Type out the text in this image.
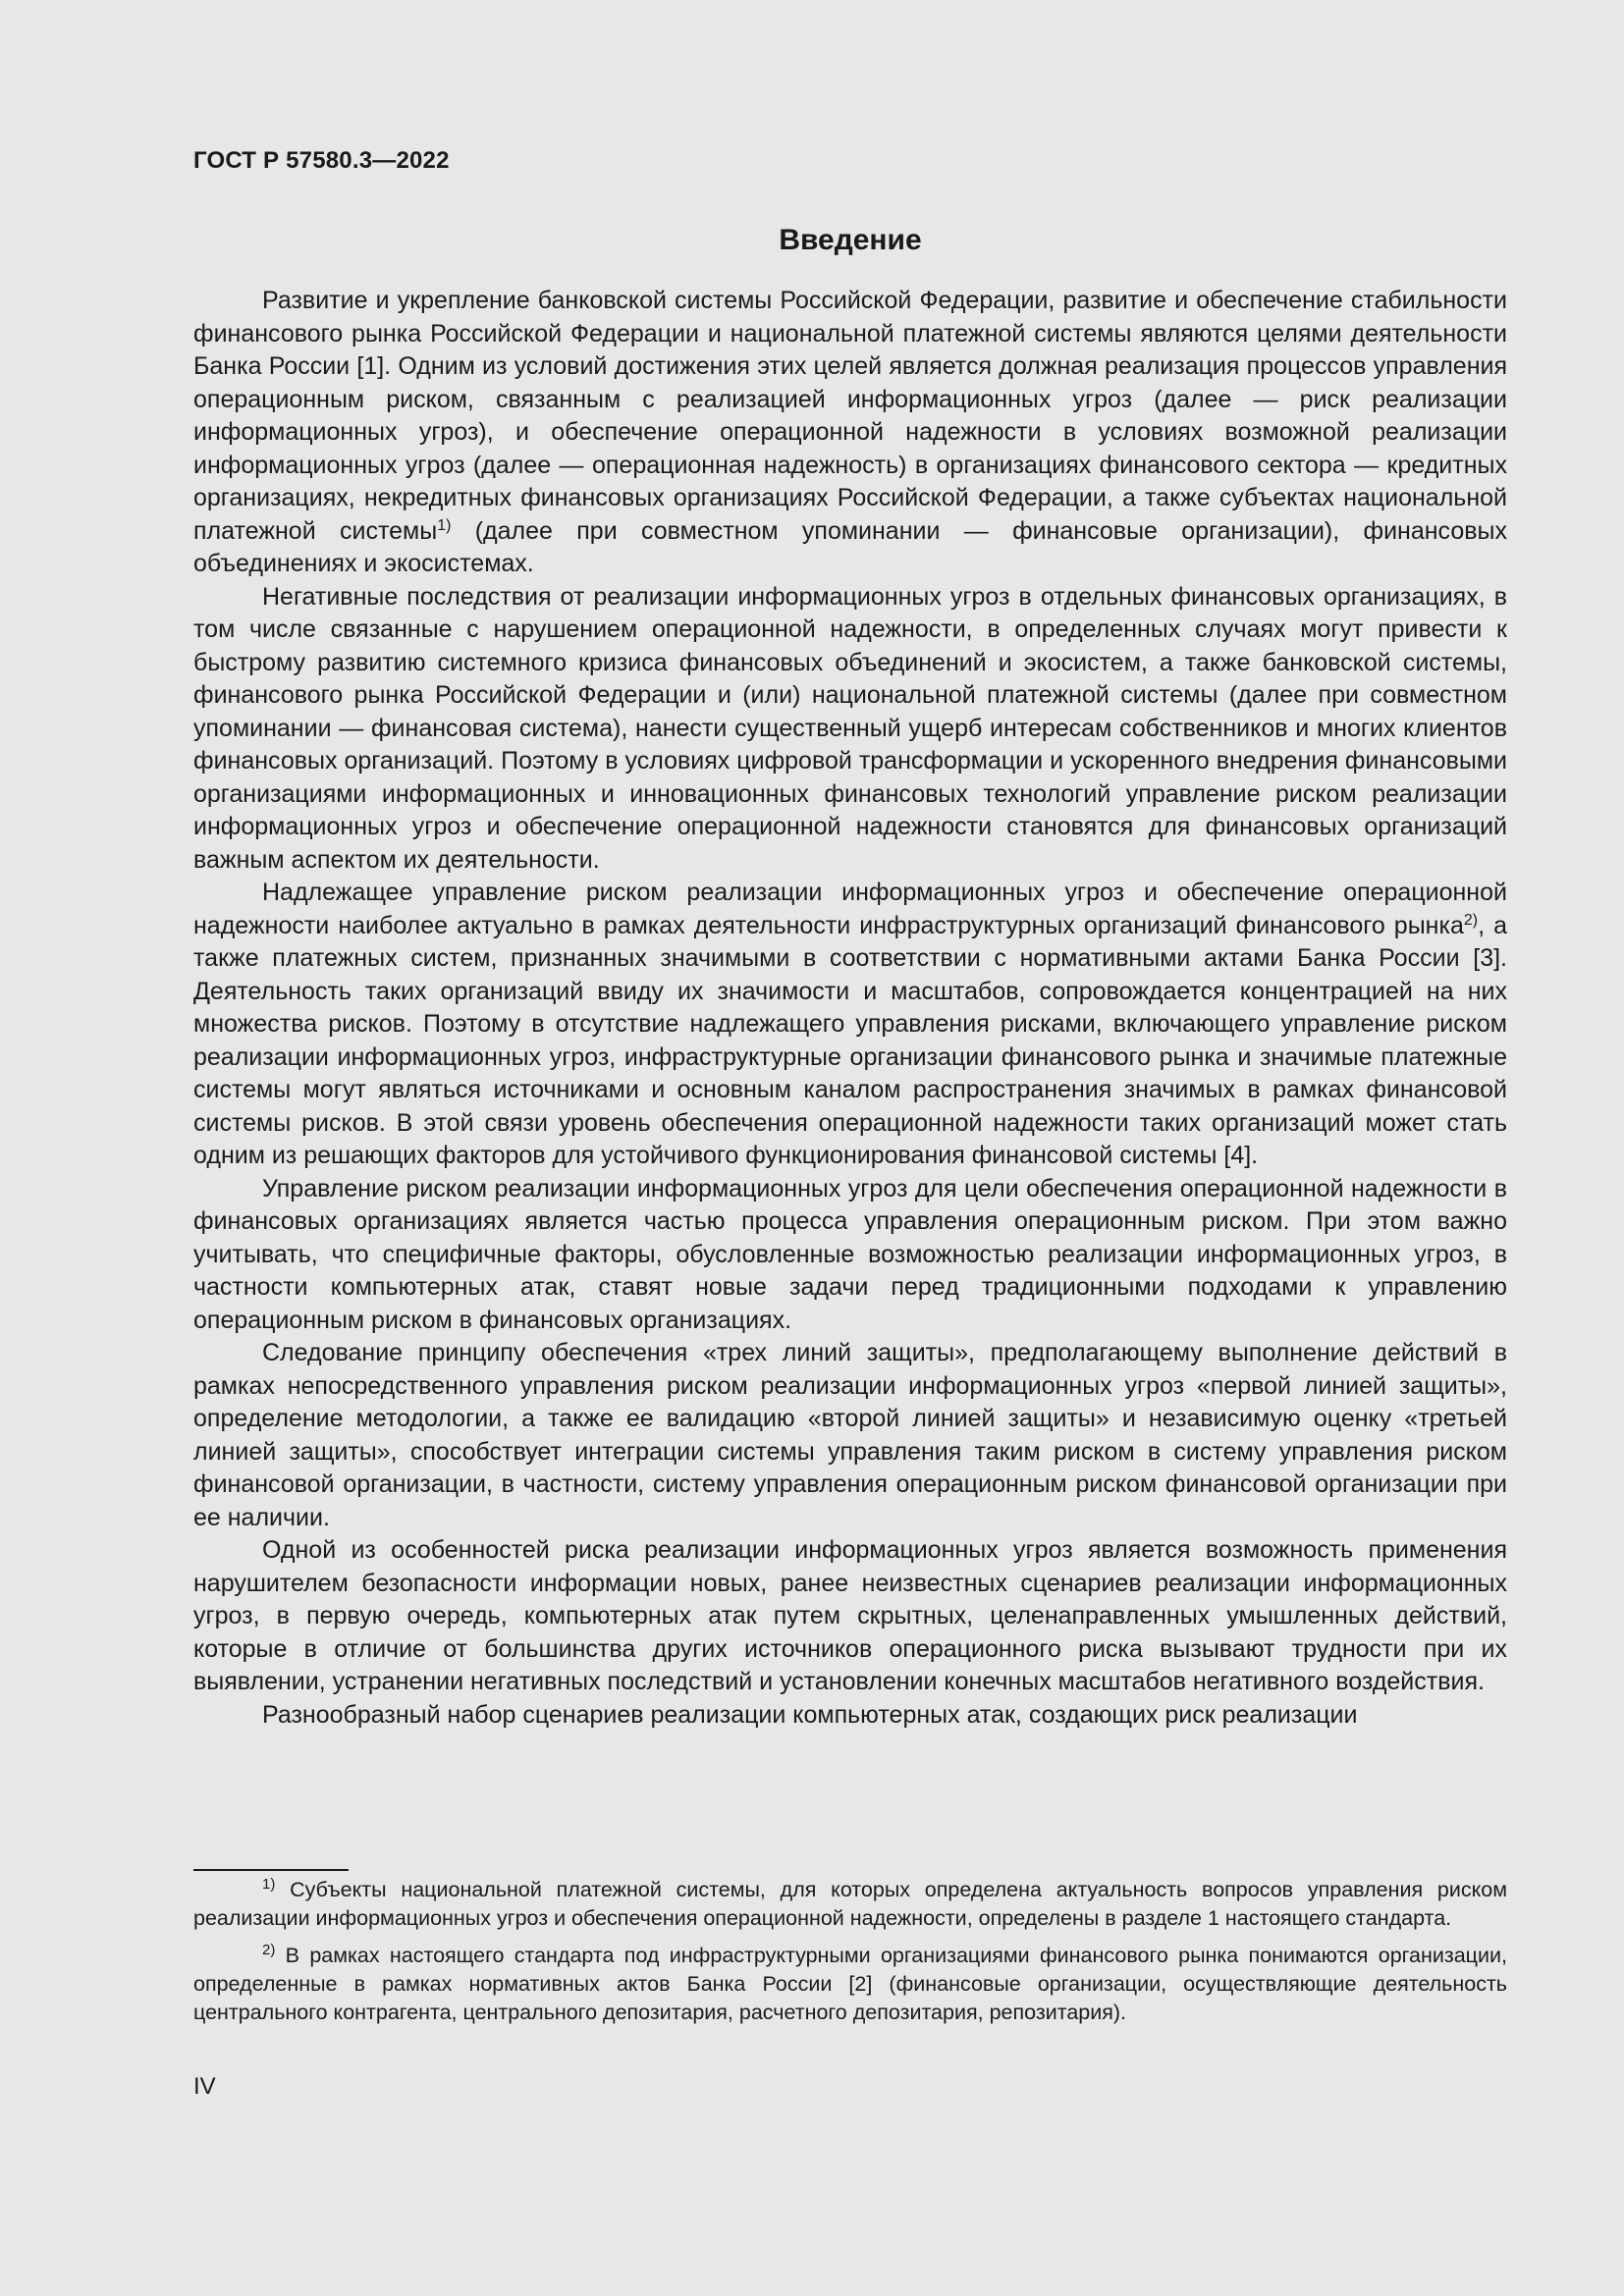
ГОСТ Р 57580.3—2022
Введение

Развитие и укрепление банковской системы Российской Федерации, развитие и обеспечение стабильности финансового рынка Российской Федерации и национальной платежной системы являются целями деятельности Банка России [1]. Одним из условий достижения этих целей является должная реализация процессов управления операционным риском, связанным с реализацией информационных угроз (далее — риск реализации информационных угроз), и обеспечение операционной надежности в условиях возможной реализации информационных угроз (далее — операционная надежность) в организациях финансового сектора — кредитных организациях, некредитных финансовых организациях Российской Федерации, а также субъектах национальной платежной системы$^{1)}$ (далее при совместном упоминании — финансовые организации), финансовых объединениях и экосистемах.

Негативные последствия от реализации информационных угроз в отдельных финансовых организациях, в том числе связанные с нарушением операционной надежности, в определенных случаях могут привести к быстрому развитию системного кризиса финансовых объединений и экосистем, а также банковской системы, финансового рынка Российской Федерации и (или) национальной платежной системы (далее при совместном упоминании — финансовая система), нанести существенный ущерб интересам собственников и многих клиентов финансовых организаций. Поэтому в условиях цифровой трансформации и ускоренного внедрения финансовыми организациями информационных и инновационных финансовых технологий управление риском реализации информационных угроз и обеспечение операционной надежности становятся для финансовых организаций важным аспектом их деятельности.

Надлежащее управление риском реализации информационных угроз и обеспечение операционной надежности наиболее актуально в рамках деятельности инфраструктурных организаций финансового рынка$^{2)}$, а также платежных систем, признанных значимыми в соответствии с нормативными актами Банка России [3]. Деятельность таких организаций ввиду их значимости и масштабов, сопровождается концентрацией на них множества рисков. Поэтому в отсутствие надлежащего управления рисками, включающего управление риском реализации информационных угроз, инфраструктурные организации финансового рынка и значимые платежные системы могут являться источниками и основным каналом распространения значимых в рамках финансовой системы рисков. В этой связи уровень обеспечения операционной надежности таких организаций может стать одним из решающих факторов для устойчивого функционирования финансовой системы [4].

Управление риском реализации информационных угроз для цели обеспечения операционной надежности в финансовых организациях является частью процесса управления операционным риском. При этом важно учитывать, что специфичные факторы, обусловленные возможностью реализации информационных угроз, в частности компьютерных атак, ставят новые задачи перед традиционными подходами к управлению операционным риском в финансовых организациях.

Следование принципу обеспечения «трех линий защиты», предполагающему выполнение действий в рамках непосредственного управления риском реализации информационных угроз «первой линией защиты», определение методологии, а также ее валидацию «второй линией защиты» и независимую оценку «третьей линией защиты», способствует интеграции системы управления таким риском в систему управления риском финансовой организации, в частности, систему управления операционным риском финансовой организации при ее наличии.

Одной из особенностей риска реализации информационных угроз является возможность применения нарушителем безопасности информации новых, ранее неизвестных сценариев реализации информационных угроз, в первую очередь, компьютерных атак путем скрытных, целенаправленных умышленных действий, которые в отличие от большинства других источников операционного риска вызывают трудности при их выявлении, устранении негативных последствий и установлении конечных масштабов негативного воздействия.

Разнообразный набор сценариев реализации компьютерных атак, создающих риск реализации

$^{1)}$ Субъекты национальной платежной системы, для которых определена актуальность вопросов управления риском реализации информационных угроз и обеспечения операционной надежности, определены в разделе 1 настоящего стандарта.

$^{2)}$ В рамках настоящего стандарта под инфраструктурными организациями финансового рынка понимаются организации, определенные в рамках нормативных актов Банка России [2] (финансовые организации, осуществляющие деятельность центрального контрагента, центрального депозитария, расчетного депозитария, репозитария).

IV
